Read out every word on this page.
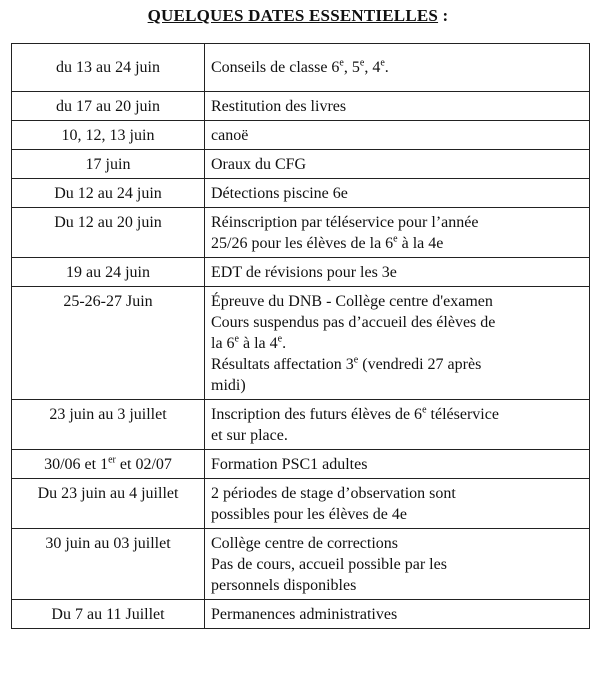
QUELQUES DATES ESSENTIELLES :
du 13 au 24 juin	Conseils de classe 6e, 5e, 4e.

du 17 au 20 juin	Restitution des livres

10, 12, 13 juin	canoë

17 juin	Oraux du CFG

Du 12 au 24 juin	Détections piscine 6e

Du 12 au 20 juin	Réinscription par téléservice pour l’année
25/26 pour les élèves de la 6e à la 4e

19 au 24 juin	EDT de révisions pour les 3e

25-26-27 Juin	Épreuve du DNB - Collège centre d'examen
Cours suspendus pas d’accueil des élèves de
la 6e à la 4e.
Résultats affectation 3e (vendredi 27 après
midi)

23 juin au 3 juillet	Inscription des futurs élèves de 6e téléservice
et sur place.

30/06 et 1er et 02/07	Formation PSC1 adultes

Du 23 juin au 4 juillet	2 périodes de stage d’observation sont
possibles pour les élèves de 4e

30 juin au 03 juillet	Collège centre de corrections
Pas de cours, accueil possible par les
personnels disponibles

Du 7 au 11 Juillet	Permanences administratives
